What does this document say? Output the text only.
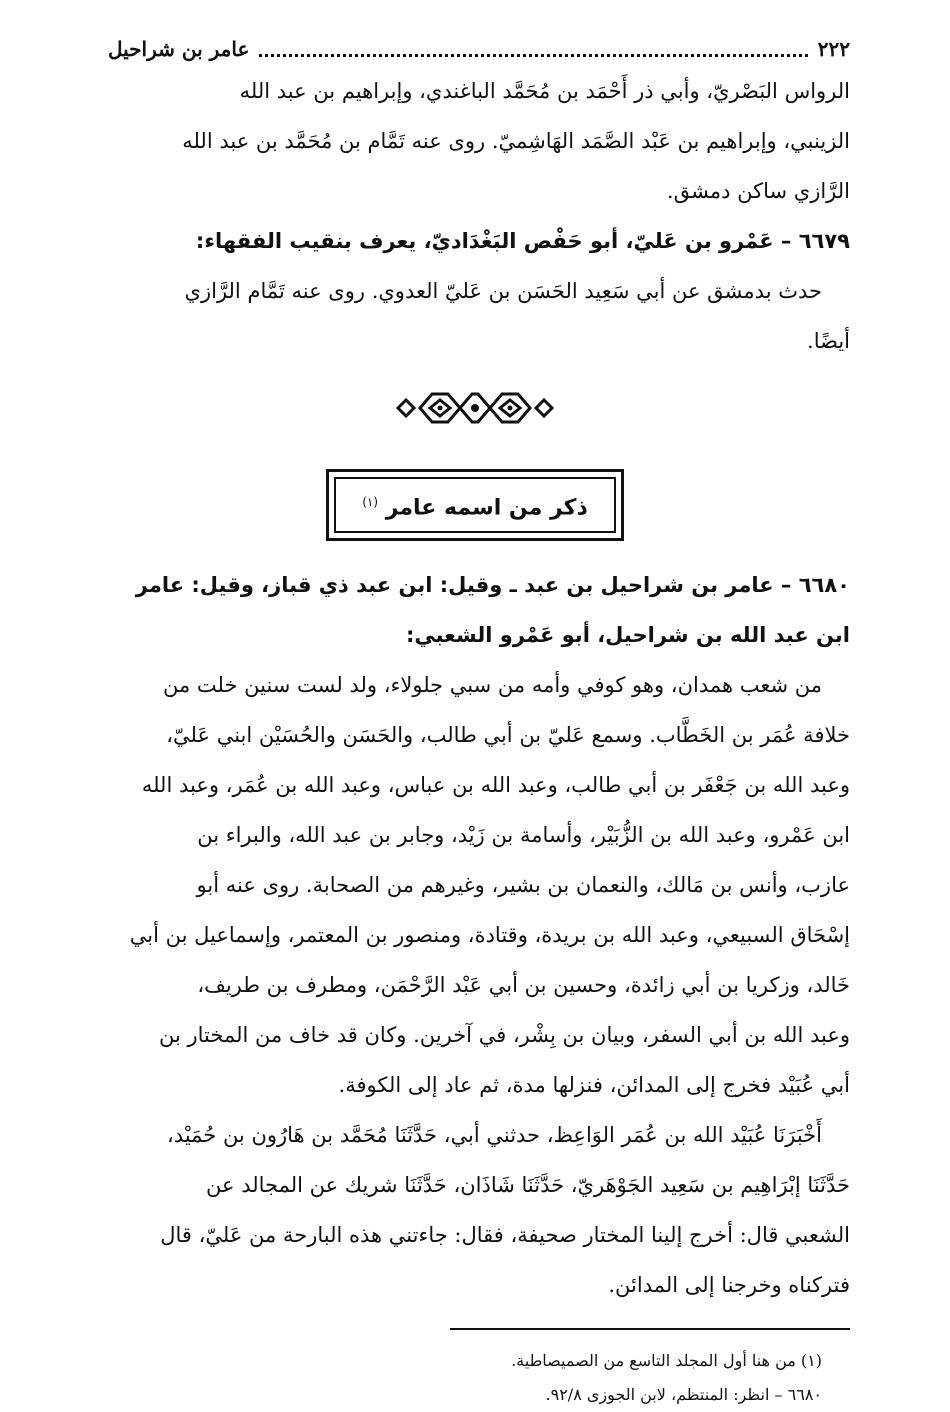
٢٢٢
عامر بن شراحيل

الرواس البَصْريّ، وأبي ذر أَحْمَد بن مُحَمَّد الباغندي، وإبراهيم بن عبد الله

الزينبي، وإبراهيم بن عَبْد الصَّمَد الهَاشِميّ. روى عنه تَمَّام بن مُحَمَّد بن عبد الله

الرَّازي ساكن دمشق.

٦٦٧٩ – عَمْرو بن عَليّ، أبو حَفْص البَغْدَاديّ، يعرف بنقيب الفقهاء:

حدث بدمشق عن أبي سَعِيد الحَسَن بن عَليّ العدوي. روى عنه تَمَّام الرَّازي

أيضًا.

ذكر من اسمه عامر $^{(١)}$
٦٦٨٠ – عامر بن شراحيل بن عبد ـ وقيل: ابن عبد ذي قباز، وقيل: عامر
ابن عبد الله بن شراحيل، أبو عَمْرو الشعبي:

من شعب همدان، وهو كوفي وأمه من سبي جلولاء، ولد لست سنين خلت من

خلافة عُمَر بن الخَطَّاب. وسمع عَليّ بن أبي طالب، والحَسَن والحُسَيْن ابني عَليّ،

وعبد الله بن جَعْفَر بن أبي طالب، وعبد الله بن عباس، وعبد الله بن عُمَر، وعبد الله

ابن عَمْرو، وعبد الله بن الزُّبَيْر، وأسامة بن زَيْد، وجابر بن عبد الله، والبراء بن

عازب، وأنس بن مَالك، والنعمان بن بشير، وغيرهم من الصحابة. روى عنه أبو

إسْحَاق السبيعي، وعبد الله بن بريدة، وقتادة، ومنصور بن المعتمر، وإسماعيل بن أبي

خَالد، وزكريا بن أبي زائدة، وحسين بن أبي عَبْد الرَّحْمَن، ومطرف بن طريف،

وعبد الله بن أبي السفر، وبيان بن بِشْر، في آخرين. وكان قد خاف من المختار بن

أبي عُبَيْد فخرج إلى المدائن، فنزلها مدة، ثم عاد إلى الكوفة.

أَخْبَرَنَا عُبَيْد الله بن عُمَر الوَاعِظ، حدثني أبي، حَدَّثَنَا مُحَمَّد بن هَارُون بن حُمَيْد،

حَدَّثَنَا إبْرَاهِيم بن سَعِيد الجَوْهَريّ، حَدَّثَنَا شَاذَان، حَدَّثَنَا شريك عن المجالد عن

الشعبي قال: أخرج إلينا المختار صحيفة، فقال: جاءتني هذه البارحة من عَليّ، قال

فتركناه وخرجنا إلى المدائن.

(١) من هنا أول المجلد التاسع من الصميصاطية.

٦٦٨٠ – انظر: المنتظم، لابن الجوزى ٩٢/٨.
